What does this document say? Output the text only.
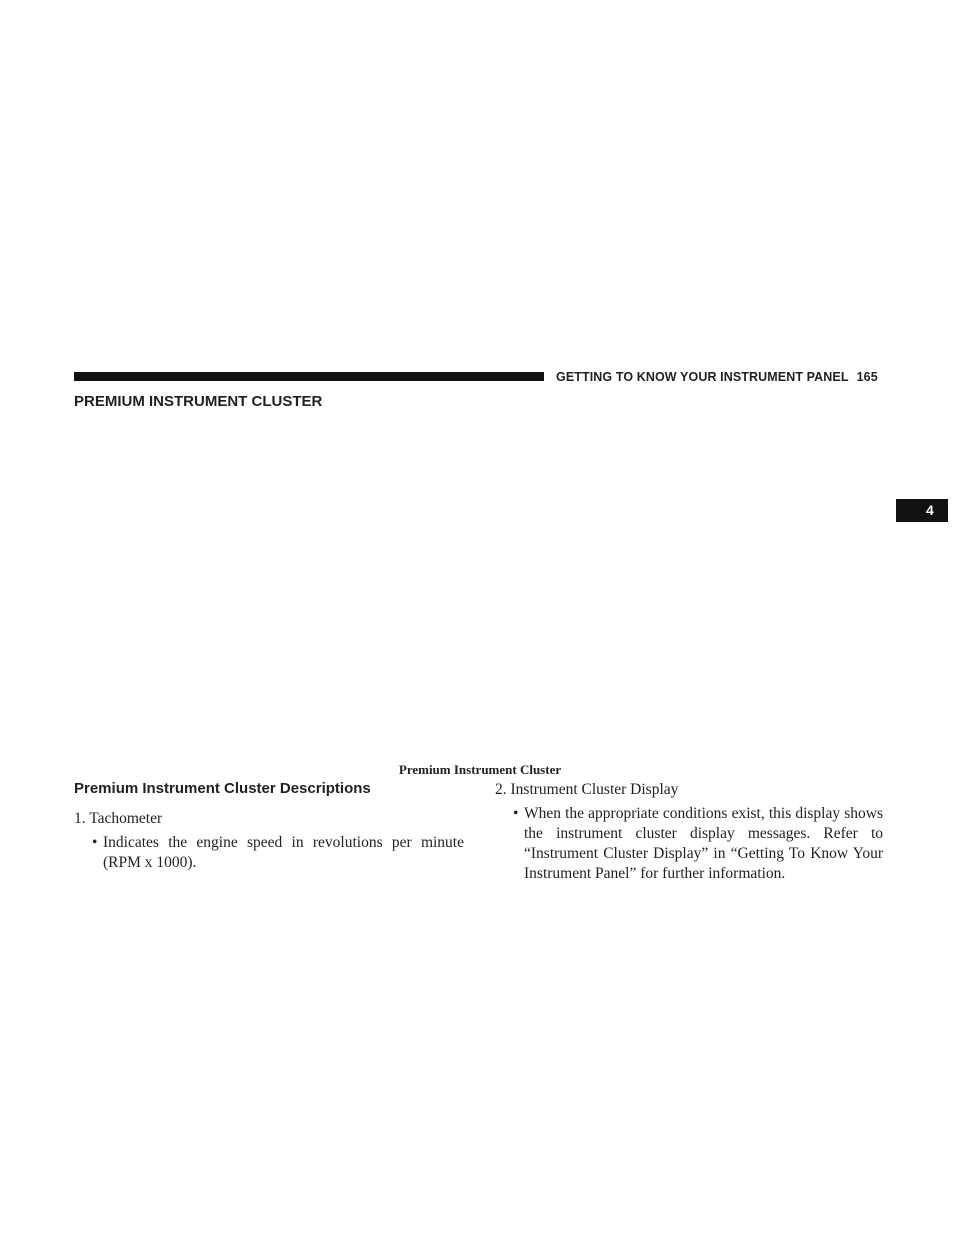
GETTING TO KNOW YOUR INSTRUMENT PANEL 165
PREMIUM INSTRUMENT CLUSTER
4
Premium Instrument Cluster
Premium Instrument Cluster Descriptions
1. Tachometer
• Indicates the engine speed in revolutions per minute (RPM x 1000).
2. Instrument Cluster Display
• When the appropriate conditions exist, this display shows the instrument cluster display messages. Refer to “Instrument Cluster Display” in “Getting To Know Your Instrument Panel” for further information.
